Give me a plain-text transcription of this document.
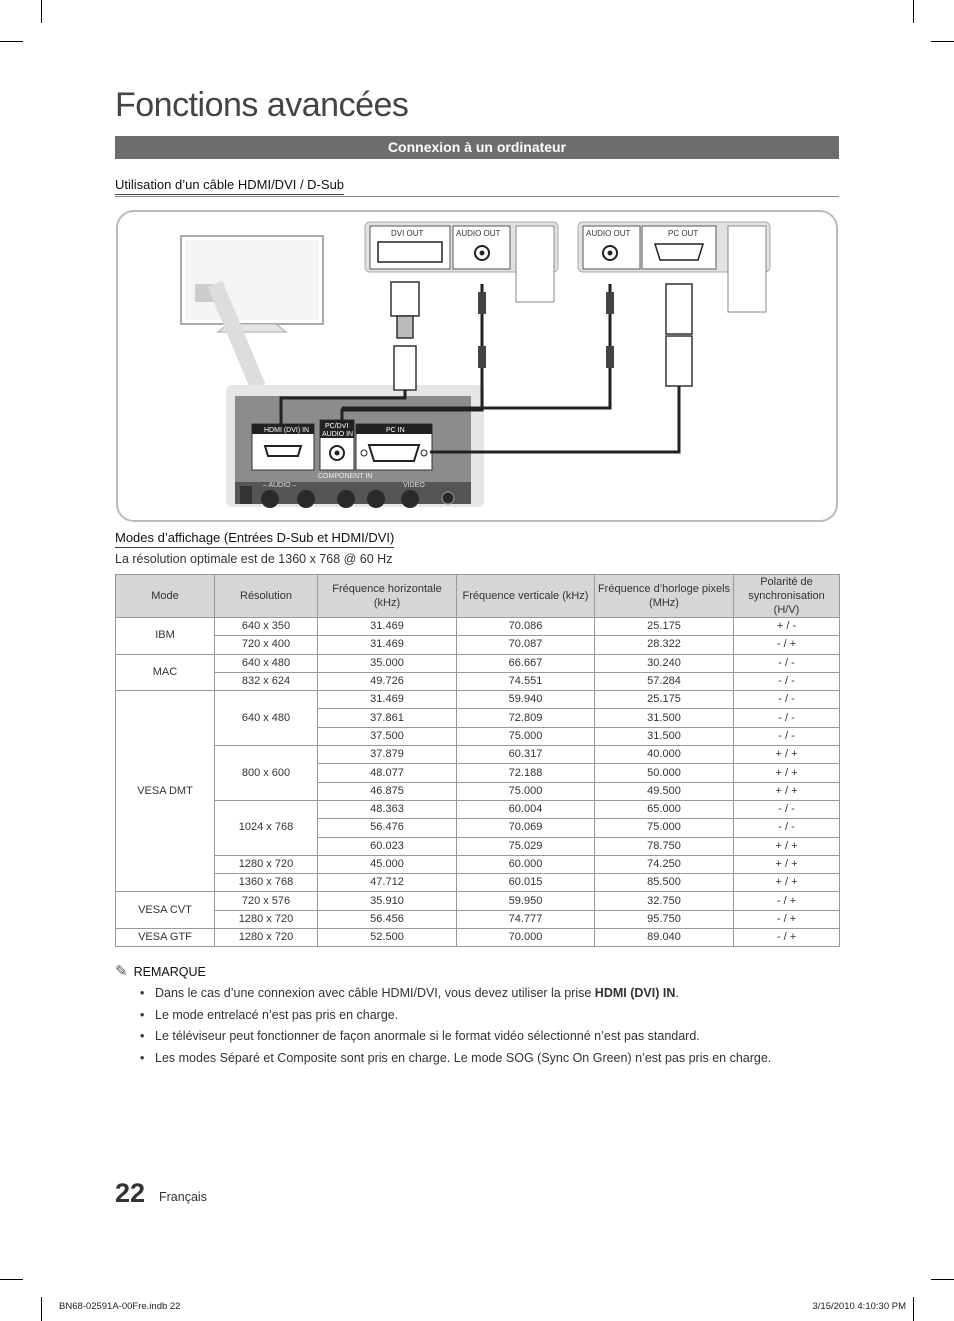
Fonctions avancées
Connexion à un ordinateur
Utilisation d’un câble HDMI/DVI / D-Sub
– AUDIO –	VIDEO
COMPONENT IN
HDMI (DVI) IN
PC/DVI
AUDIO IN
PC IN
DVI OUT	AUDIO OUT	AUDIO OUT	PC OUT
Modes d’affichage (Entrées D-Sub et HDMI/DVI)
La résolution optimale est de 1360 x 768 @ 60 Hz
Mode	Résolution	Fréquence horizontale (kHz)	Fréquence verticale (kHz)	Fréquence d’horloge pixels (MHz)	Polarité de synchronisation (H/V)
IBM	640 x 350	31.469	70.086	25.175	+ / -
	720 x 400	31.469	70.087	28.322	- / +
MAC	640 x 480	35.000	66.667	30.240	- / -
	832 x 624	49.726	74.551	57.284	- / -
VESA DMT	640 x 480	31.469	59.940	25.175	- / -
		37.861	72.809	31.500	- / -
		37.500	75.000	31.500	- / -
	800 x 600	37.879	60.317	40.000	+ / +
		48.077	72.188	50.000	+ / +
		46.875	75.000	49.500	+ / +
	1024 x 768	48.363	60.004	65.000	- / -
		56.476	70.069	75.000	- / -
		60.023	75.029	78.750	+ / +
	1280 x 720	45.000	60.000	74.250	+ / +
	1360 x 768	47.712	60.015	85.500	+ / +
VESA CVT	720 x 576	35.910	59.950	32.750	- / +
	1280 x 720	56.456	74.777	95.750	- / +
VESA GTF	1280 x 720	52.500	70.000	89.040	- / +
✎ REMARQUE
• Dans le cas d’une connexion avec câble HDMI/DVI, vous devez utiliser la prise HDMI (DVI) IN.
• Le mode entrelacé n’est pas pris en charge.
• Le téléviseur peut fonctionner de façon anormale si le format vidéo sélectionné n’est pas standard.
• Les modes Séparé et Composite sont pris en charge. Le mode SOG (Sync On Green) n’est pas pris en charge.
22 Français
BN68-02591A-00Fre.indb 22	3/15/2010 4:10:30 PM
